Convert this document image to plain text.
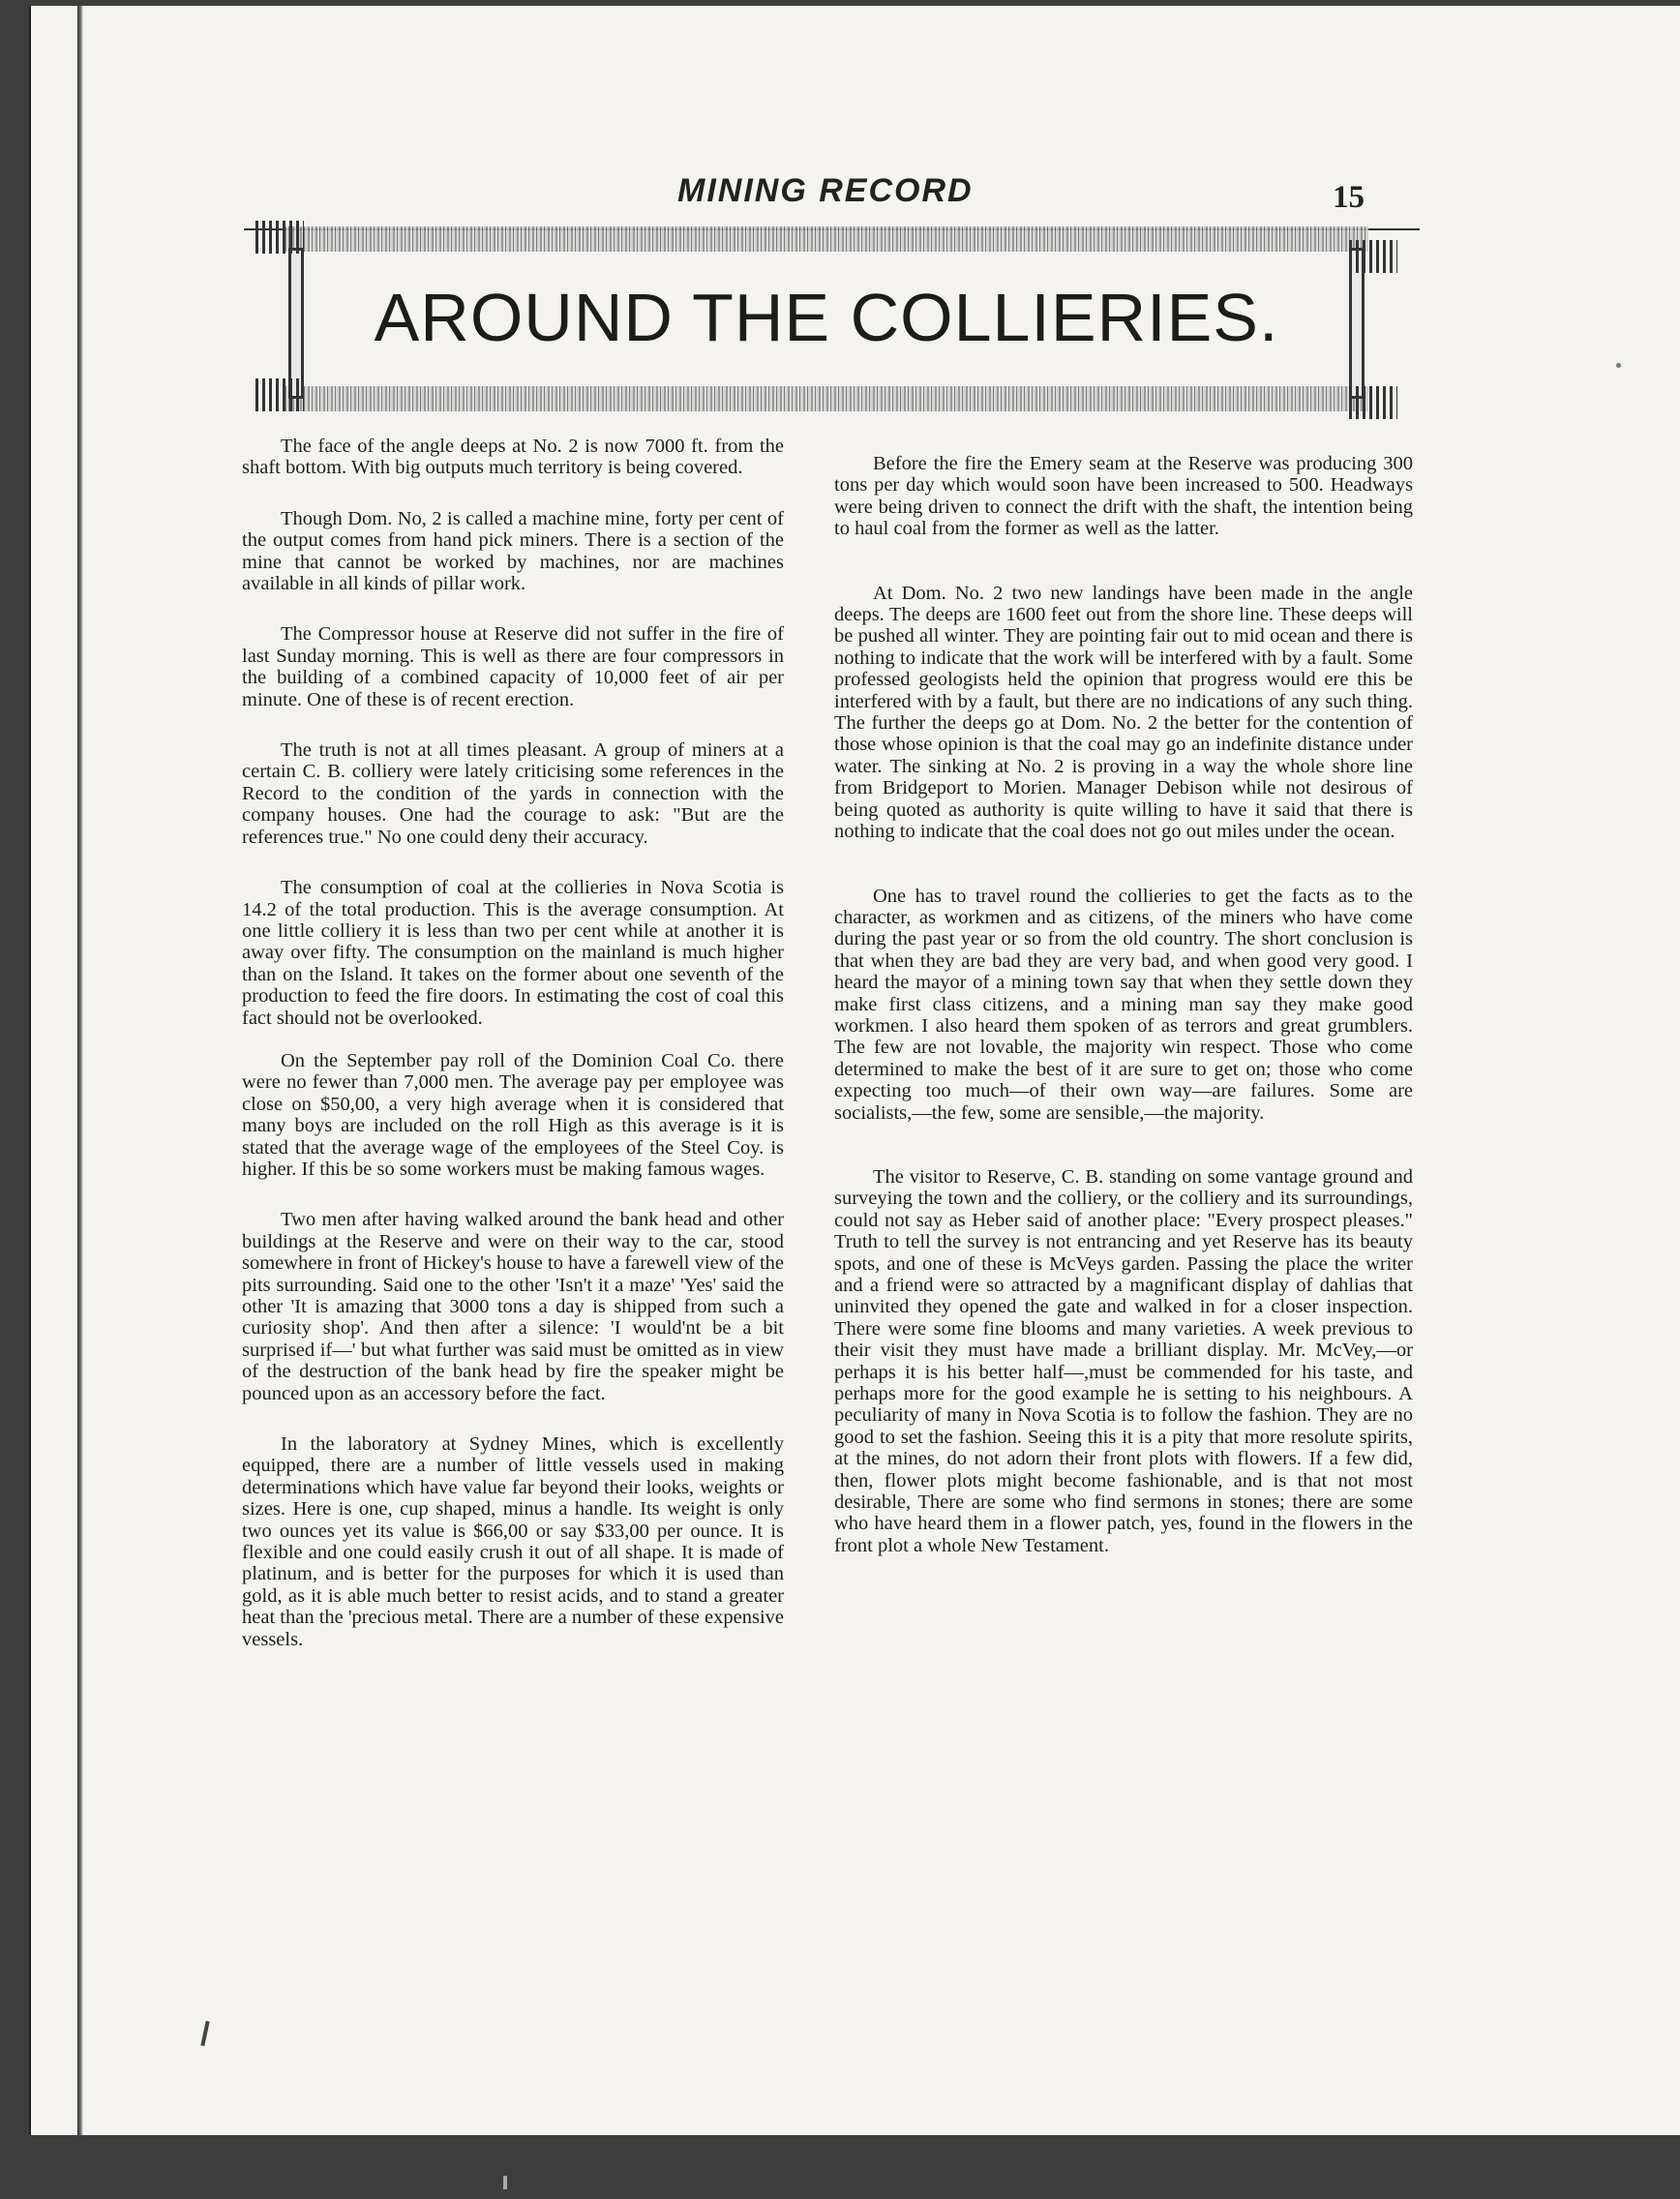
MINING RECORD	15
AROUND THE COLLIERIES.

The face of the angle deeps at No. 2 is now 7000 ft. from the shaft bottom. With big outputs much territory is being covered.

Though Dom. No, 2 is called a machine mine, forty per cent of the output comes from hand pick miners. There is a section of the mine that cannot be worked by machines, nor are machines available in all kinds of pillar work.

The Compressor house at Reserve did not suffer in the fire of last Sunday morning. This is well as there are four compressors in the building of a combined capacity of 10,000 feet of air per minute. One of these is of recent erection.

The truth is not at all times pleasant. A group of miners at a certain C. B. colliery were lately criticising some references in the Record to the condition of the yards in connection with the company houses. One had the courage to ask: "But are the references true." No one could deny their accuracy.

The consumption of coal at the collieries in Nova Scotia is 14.2 of the total production. This is the average consumption. At one little colliery it is less than two per cent while at another it is away over fifty. The consumption on the mainland is much higher than on the Island. It takes on the former about one seventh of the production to feed the fire doors. In estimating the cost of coal this fact should not be overlooked.

On the September pay roll of the Dominion Coal Co. there were no fewer than 7,000 men. The average pay per employee was close on $50,00, a very high average when it is considered that many boys are included on the roll High as this average is it is stated that the average wage of the employees of the Steel Coy. is higher. If this be so some workers must be making famous wages.

Two men after having walked around the bank head and other buildings at the Reserve and were on their way to the car, stood somewhere in front of Hickey's house to have a farewell view of the pits surrounding. Said one to the other 'Isn't it a maze' 'Yes' said the other 'It is amazing that 3000 tons a day is shipped from such a curiosity shop'. And then after a silence: 'I would'nt be a bit surprised if—' but what further was said must be omitted as in view of the destruction of the bank head by fire the speaker might be pounced upon as an accessory before the fact.

In the laboratory at Sydney Mines, which is excellently equipped, there are a number of little vessels used in making determinations which have value far beyond their looks, weights or sizes. Here is one, cup shaped, minus a handle. Its weight is only two ounces yet its value is $66,00 or say $33,00 per ounce. It is flexible and one could easily crush it out of all shape. It is made of platinum, and is better for the purposes for which it is used than gold, as it is able much better to resist acids, and to stand a greater heat than the 'precious metal. There are a number of these expensive vessels.

Before the fire the Emery seam at the Reserve was producing 300 tons per day which would soon have been increased to 500. Headways were being driven to connect the drift with the shaft, the intention being to haul coal from the former as well as the latter.

At Dom. No. 2 two new landings have been made in the angle deeps. The deeps are 1600 feet out from the shore line. These deeps will be pushed all winter. They are pointing fair out to mid ocean and there is nothing to indicate that the work will be interfered with by a fault. Some professed geologists held the opinion that progress would ere this be interfered with by a fault, but there are no indications of any such thing. The further the deeps go at Dom. No. 2 the better for the contention of those whose opinion is that the coal may go an indefinite distance under water. The sinking at No. 2 is proving in a way the whole shore line from Bridgeport to Morien. Manager Debison while not desirous of being quoted as authority is quite willing to have it said that there is nothing to indicate that the coal does not go out miles under the ocean.

One has to travel round the collieries to get the facts as to the character, as workmen and as citizens, of the miners who have come during the past year or so from the old country. The short conclusion is that when they are bad they are very bad, and when good very good. I heard the mayor of a mining town say that when they settle down they make first class citizens, and a mining man say they make good workmen. I also heard them spoken of as terrors and great grumblers. The few are not lovable, the majority win respect. Those who come determined to make the best of it are sure to get on; those who come expecting too much—of their own way—are failures. Some are socialists,—the few, some are sensible,—the majority.

The visitor to Reserve, C. B. standing on some vantage ground and surveying the town and the colliery, or the colliery and its surroundings, could not say as Heber said of another place: "Every prospect pleases." Truth to tell the survey is not entrancing and yet Reserve has its beauty spots, and one of these is McVeys garden. Passing the place the writer and a friend were so attracted by a magnificant display of dahlias that uninvited they opened the gate and walked in for a closer inspection. There were some fine blooms and many varieties. A week previous to their visit they must have made a brilliant display. Mr. McVey,—or perhaps it is his better half—,must be commended for his taste, and perhaps more for the good example he is setting to his neighbours. A peculiarity of many in Nova Scotia is to follow the fashion. They are no good to set the fashion. Seeing this it is a pity that more resolute spirits, at the mines, do not adorn their front plots with flowers. If a few did, then, flower plots might become fashionable, and is that not most desirable, There are some who find sermons in stones; there are some who have heard them in a flower patch, yes, found in the flowers in the front plot a whole New Testament.
